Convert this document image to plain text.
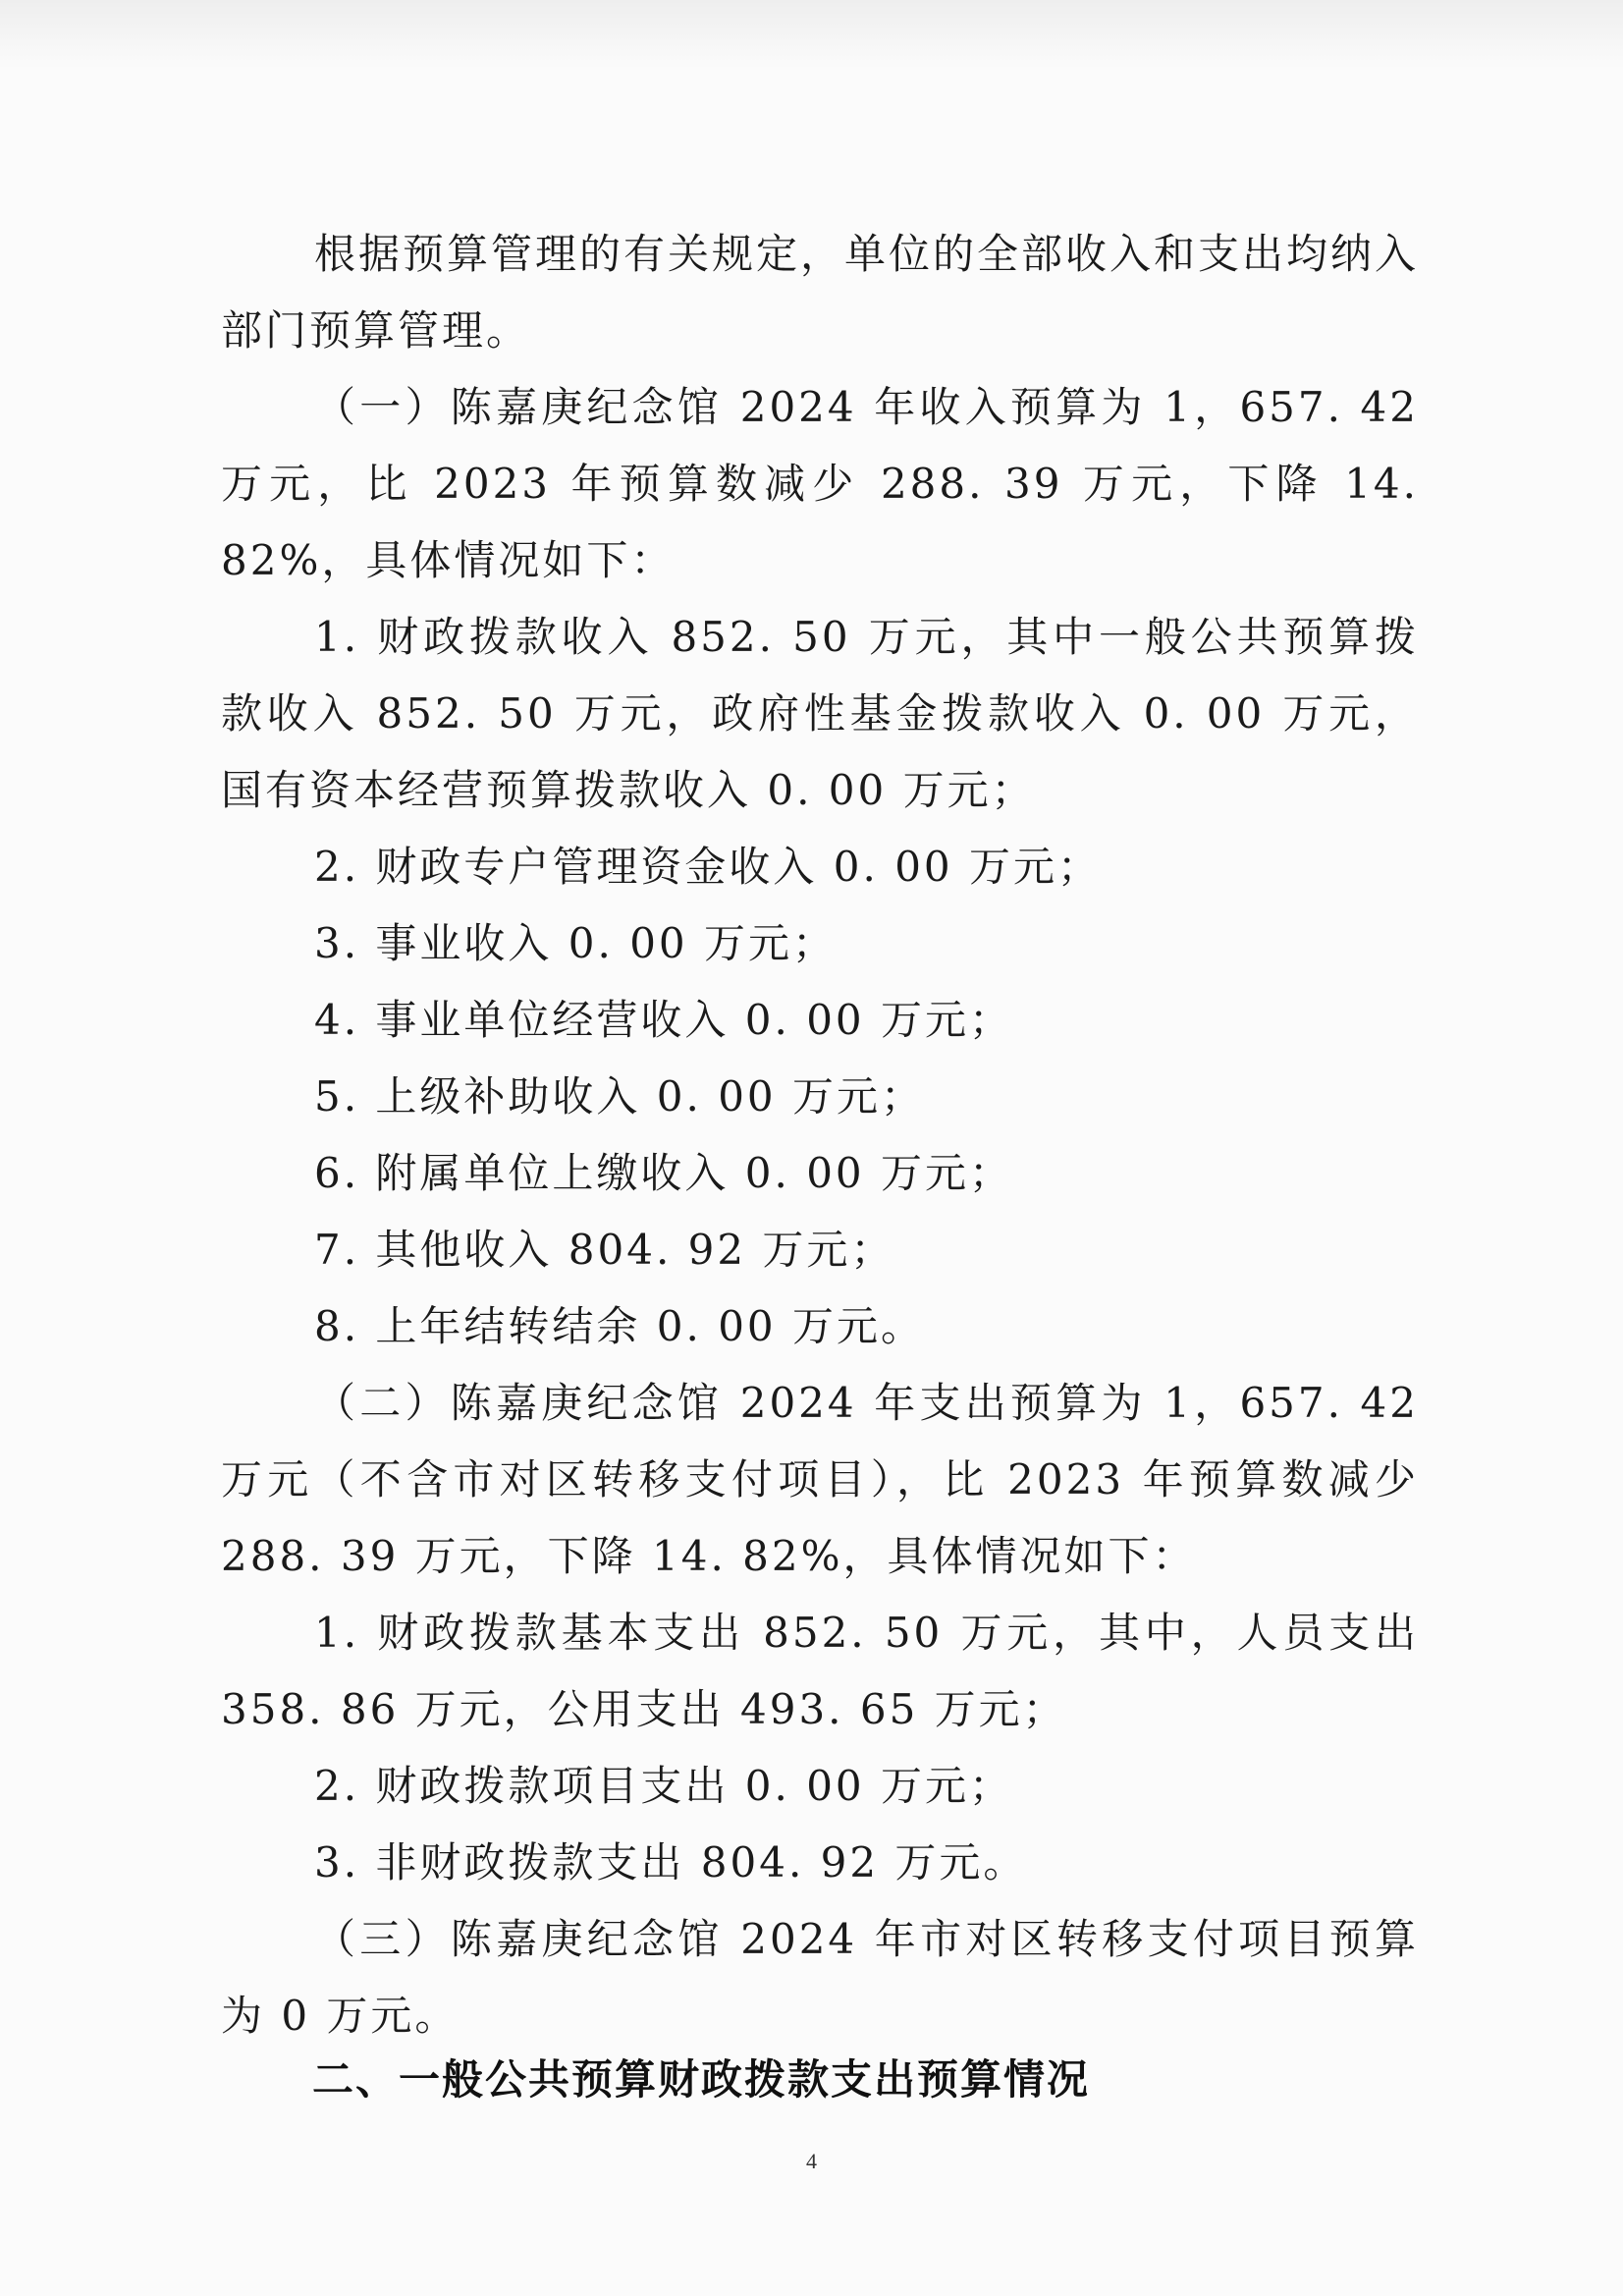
根据预算管理的有关规定，单位的全部收入和支出均纳入部门预算管理。

（一）陈嘉庚纪念馆 2024 年收入预算为 1，657. 42 万元，比 2023 年预算数减少 288. 39 万元，下降 14. 82%，具体情况如下：

1. 财政拨款收入 852. 50 万元，其中一般公共预算拨款收入 852. 50 万元，政府性基金拨款收入 0. 00 万元，国有资本经营预算拨款收入 0. 00 万元；

2. 财政专户管理资金收入 0. 00 万元；

3. 事业收入 0. 00 万元；

4. 事业单位经营收入 0. 00 万元；

5. 上级补助收入 0. 00 万元；

6. 附属单位上缴收入 0. 00 万元；

7. 其他收入 804. 92 万元；

8. 上年结转结余 0. 00 万元。

（二）陈嘉庚纪念馆 2024 年支出预算为 1，657. 42 万元（不含市对区转移支付项目），比 2023 年预算数减少 288. 39 万元，下降 14. 82%，具体情况如下：

1. 财政拨款基本支出 852. 50 万元，其中，人员支出 358. 86 万元，公用支出 493. 65 万元；

2. 财政拨款项目支出 0. 00 万元；

3. 非财政拨款支出 804. 92 万元。

（三）陈嘉庚纪念馆 2024 年市对区转移支付项目预算为 0 万元。

二、一般公共预算财政拨款支出预算情况
4
